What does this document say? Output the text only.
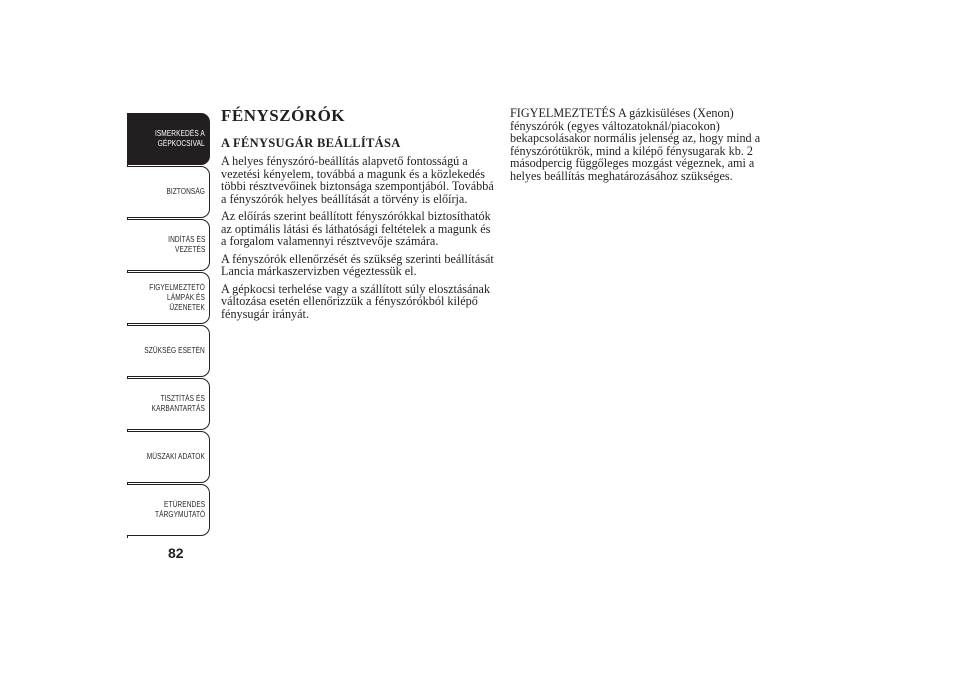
ISMERKEDÉS A
GÉPKOCSIVAL
BIZTONSÁG
INDÍTÁS ÉS
VEZETÉS
FIGYELMEZTETŐ
LÁMPÁK ÉS
ÜZENETEK
SZÜKSÉG ESETÉN
TISZTÍTÁS ÉS
KARBANTARTÁS
MŰSZAKI ADATOK
ETŰRENDES
TÁRGYMUTATÓ
82
FÉNYSZÓRÓK
A FÉNYSUGÁR BEÁLLÍTÁSA

A helyes fényszóró-beállítás alapvető fontosságú a vezetési kényelem, továbbá a magunk és a közlekedés többi résztvevőinek biztonsága szempontjából. Továbbá a fényszórók helyes beállítását a törvény is előírja.

Az előírás szerint beállított fényszórókkal biztosíthatók az optimális látási és láthatósági feltételek a magunk és a forgalom valamennyi résztvevője számára.

A fényszórók ellenőrzését és szükség szerinti beállítását Lancia márkaszervizben végeztessük el.

A gépkocsi terhelése vagy a szállított súly elosztásának változása esetén ellenőrizzük a fényszórókból kilépő fénysugár irányát.

FIGYELMEZTETÉS A gázkisüléses (Xenon) fényszórók (egyes változatoknál/piacokon) bekapcsolásakor normális jelenség az, hogy mind a fényszórótükrök, mind a kilépő fénysugarak kb. 2 másodpercig függőleges mozgást végeznek, ami a helyes beállítás meghatározásához szükséges.
